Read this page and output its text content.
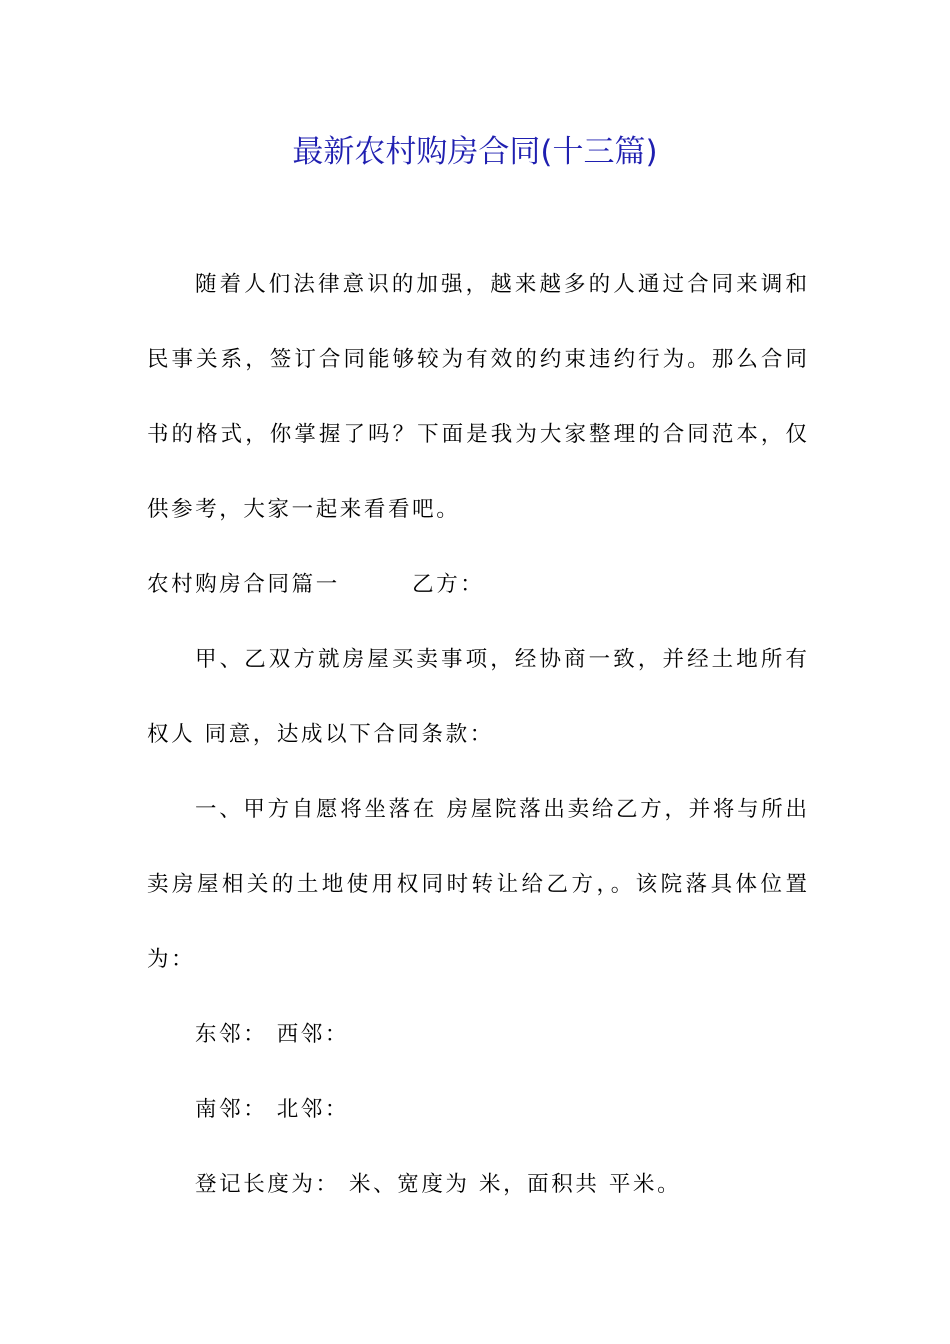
最新农村购房合同(十三篇)
随着人们法律意识的加强，越来越多的人通过合同来调和
民事关系，签订合同能够较为有效的约束违约行为。那么合同
书的格式，你掌握了吗？下面是我为大家整理的合同范本，仅
供参考，大家一起来看看吧。
农村购房合同篇一　　　乙方：
甲、乙双方就房屋买卖事项，经协商一致，并经土地所有
权人 同意，达成以下合同条款：
一、甲方自愿将坐落在 房屋院落出卖给乙方，并将与所出
卖房屋相关的土地使用权同时转让给乙方，。该院落具体位置
为：
东邻： 西邻：
南邻： 北邻：
登记长度为： 米、宽度为 米，面积共 平米。
